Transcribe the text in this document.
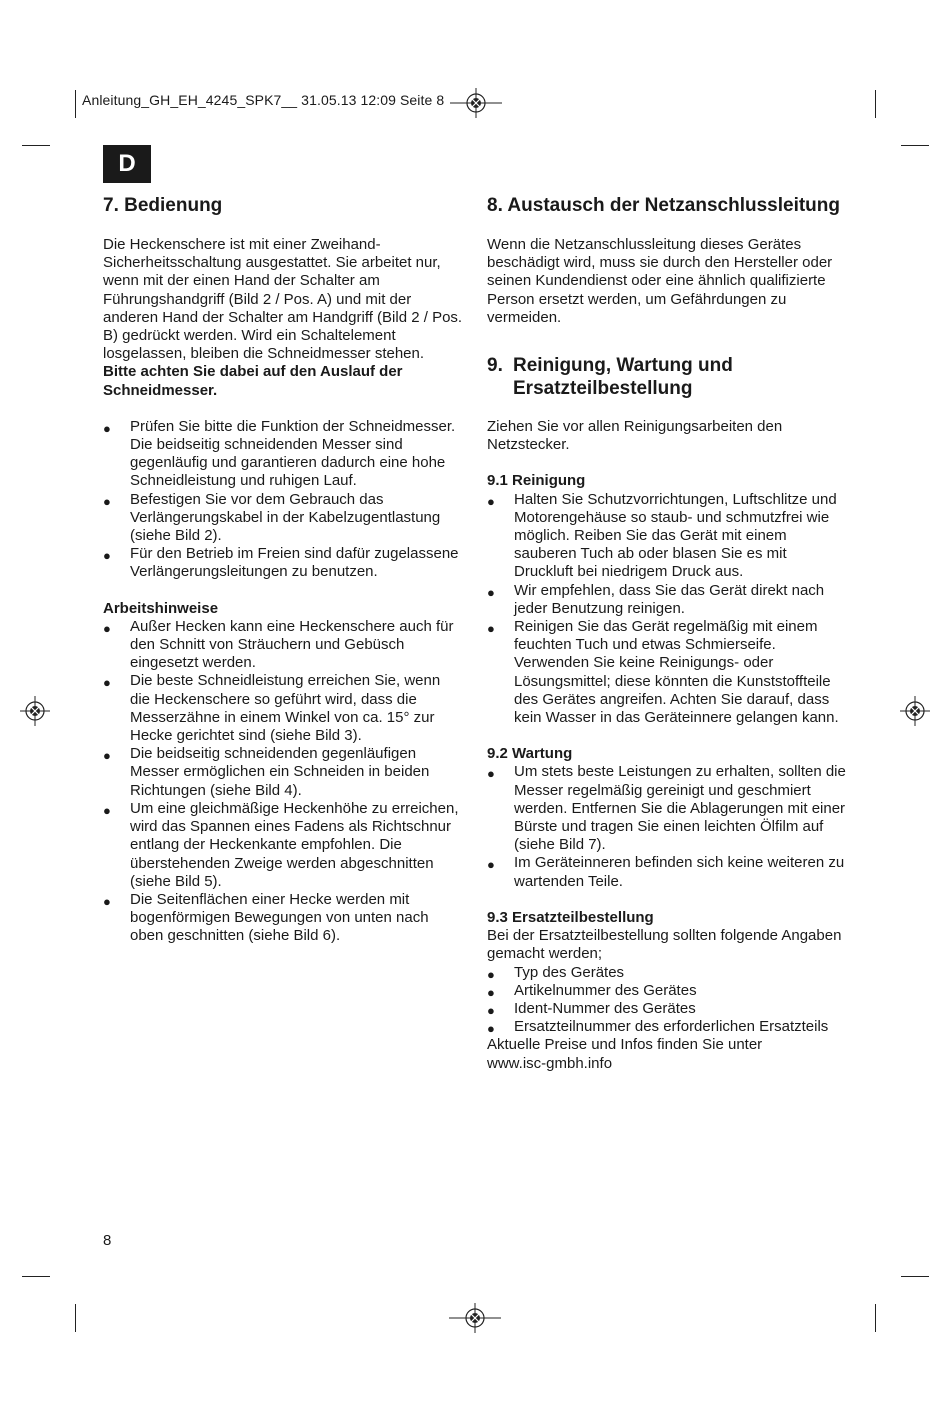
Anleitung_GH_EH_4245_SPK7__ 31.05.13 12:09 Seite 8
D
7. Bedienung

Die Heckenschere ist mit einer Zweihand-
Sicherheitsschaltung ausgestattet. Sie arbeitet nur,
wenn mit der einen Hand der Schalter am
Führungshandgriff (Bild 2 / Pos. A) und mit der
anderen Hand der Schalter am Handgriff (Bild 2 / Pos.
B) gedrückt werden. Wird ein Schaltelement
losgelassen, bleiben die Schneidmesser stehen.

Bitte achten Sie dabei auf den Auslauf der
Schneidmesser.

● Prüfen Sie bitte die Funktion der Schneidmesser.
Die beidseitig schneidenden Messer sind
gegenläufig und garantieren dadurch eine hohe
Schneidleistung und ruhigen Lauf.
● Befestigen Sie vor dem Gebrauch das
Verlängerungskabel in der Kabelzugentlastung
(siehe Bild 2).
● Für den Betrieb im Freien sind dafür zugelassene
Verlängerungsleitungen zu benutzen.
Arbeitshinweise
● Außer Hecken kann eine Heckenschere auch für
den Schnitt von Sträuchern und Gebüsch
eingesetzt werden.
● Die beste Schneidleistung erreichen Sie, wenn
die Heckenschere so geführt wird, dass die
Messerzähne in einem Winkel von ca. 15° zur
Hecke gerichtet sind (siehe Bild 3).
● Die beidseitig schneidenden gegenläufigen
Messer ermöglichen ein Schneiden in beiden
Richtungen (siehe Bild 4).
● Um eine gleichmäßige Heckenhöhe zu erreichen,
wird das Spannen eines Fadens als Richtschnur
entlang der Heckenkante empfohlen. Die
überstehenden Zweige werden abgeschnitten
(siehe Bild 5).
● Die Seitenflächen einer Hecke werden mit
bogenförmigen Bewegungen von unten nach
oben geschnitten (siehe Bild 6).
8. Austausch der Netzanschlussleitung

Wenn die Netzanschlussleitung dieses Gerätes
beschädigt wird, muss sie durch den Hersteller oder
seinen Kundendienst oder eine ähnlich qualifizierte
Person ersetzt werden, um Gefährdungen zu
vermeiden.

9. Reinigung, Wartung und
Ersatzteilbestellung

Ziehen Sie vor allen Reinigungsarbeiten den
Netzstecker.

9.1 Reinigung
● Halten Sie Schutzvorrichtungen, Luftschlitze und
Motorengehäuse so staub- und schmutzfrei wie
möglich. Reiben Sie das Gerät mit einem
sauberen Tuch ab oder blasen Sie es mit
Druckluft bei niedrigem Druck aus.
● Wir empfehlen, dass Sie das Gerät direkt nach
jeder Benutzung reinigen.
● Reinigen Sie das Gerät regelmäßig mit einem
feuchten Tuch und etwas Schmierseife.
Verwenden Sie keine Reinigungs- oder
Lösungsmittel; diese könnten die Kunststoffteile
des Gerätes angreifen. Achten Sie darauf, dass
kein Wasser in das Geräteinnere gelangen kann.
9.2 Wartung
● Um stets beste Leistungen zu erhalten, sollten die
Messer regelmäßig gereinigt und geschmiert
werden. Entfernen Sie die Ablagerungen mit einer
Bürste und tragen Sie einen leichten Ölfilm auf
(siehe Bild 7).
● Im Geräteinneren befinden sich keine weiteren zu
wartenden Teile.
9.3 Ersatzteilbestellung

Bei der Ersatzteilbestellung sollten folgende Angaben
gemacht werden;

● Typ des Gerätes
● Artikelnummer des Gerätes
● Ident-Nummer des Gerätes
● Ersatzteilnummer des erforderlichen Ersatzteils

Aktuelle Preise und Infos finden Sie unter
www.isc-gmbh.info

8
